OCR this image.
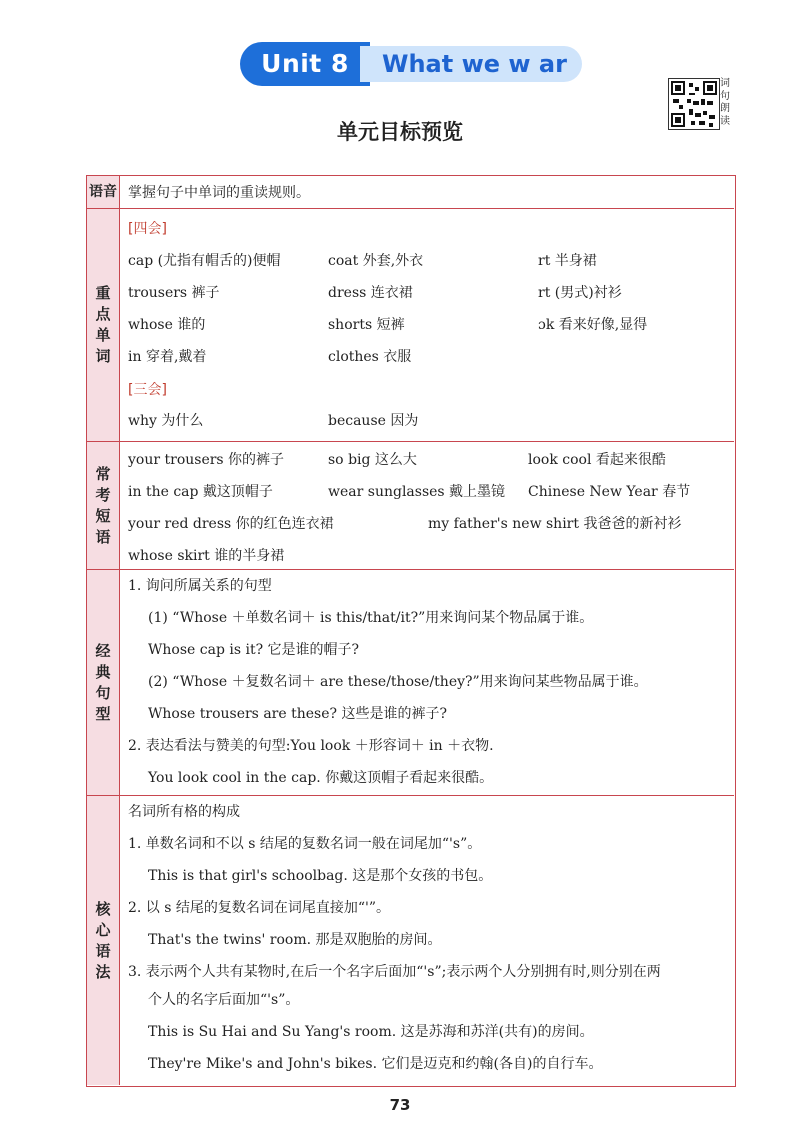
Unit 8	What we w ar
词句朗读
单元目标预览
语音 掌握句子中单词的重读规则。
重点单词
[四会]
cap (尤指有帽舌的)便帽	coat 外套,外衣	rt 半身裙
trousers 裤子	dress 连衣裙	rt (男式)衬衫
whose 谁的	shorts 短裤	ɔk 看来好像,显得
in 穿着,戴着	clothes 衣服
[三会]
why 为什么	because 因为
常考短语
your trousers 你的裤子	so big 这么大	look cool 看起来很酷
in the cap 戴这顶帽子	wear sunglasses 戴上墨镜 Chinese New Year 春节
your red dress 你的红色连衣裙	my father's new shirt 我爸爸的新衬衫
whose skirt 谁的半身裙
经典句型
1. 询问所属关系的句型
(1) “Whose ＋单数名词＋ is this/that/it?”用来询问某个物品属于谁。
Whose cap is it? 它是谁的帽子?
(2) “Whose ＋复数名词＋ are these/those/they?”用来询问某些物品属于谁。
Whose trousers are these? 这些是谁的裤子?
2. 表达看法与赞美的句型:You look ＋形容词＋ in ＋衣物.
You look cool in the cap. 你戴这顶帽子看起来很酷。
核心语法
名词所有格的构成
1. 单数名词和不以 s 结尾的复数名词一般在词尾加“'s”。
This is that girl's schoolbag. 这是那个女孩的书包。
2. 以 s 结尾的复数名词在词尾直接加“'”。
That's the twins' room. 那是双胞胎的房间。
3. 表示两个人共有某物时,在后一个名字后面加“'s”;表示两个人分别拥有时,则分别在两
个人的名字后面加“'s”。
This is Su Hai and Su Yang's room. 这是苏海和苏洋(共有)的房间。
They're Mike's and John's bikes. 它们是迈克和约翰(各自)的自行车。
73
